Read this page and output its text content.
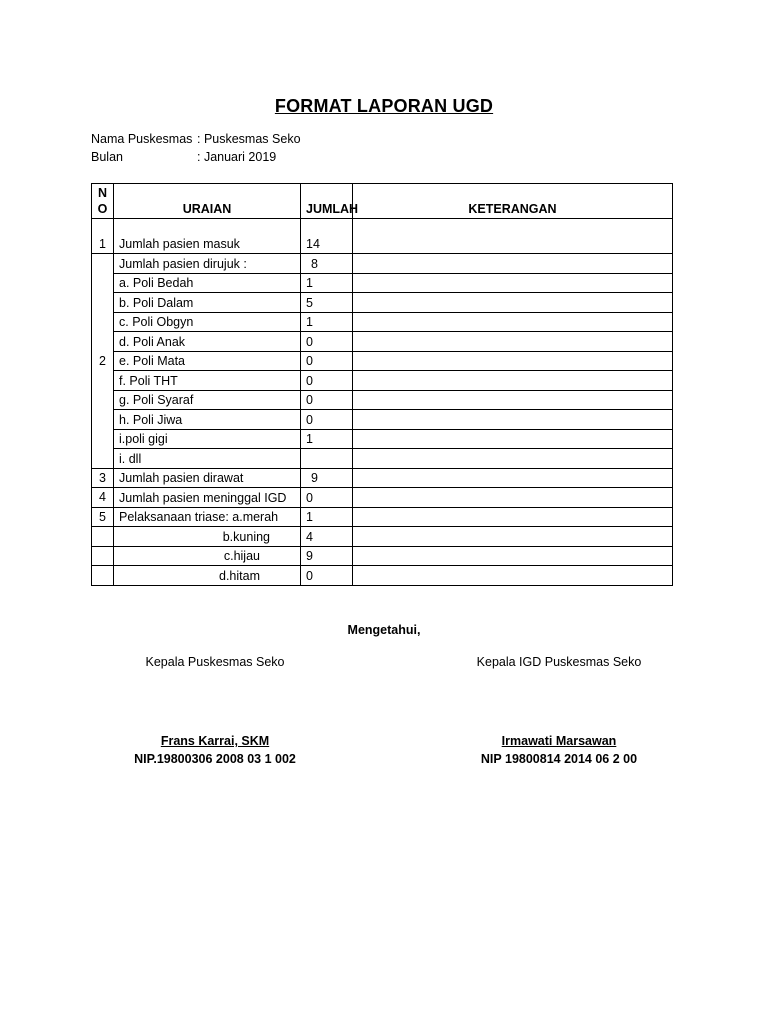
FORMAT LAPORAN UGD
Nama Puskesmas : Puskesmas Seko
Bulan	: Januari 2019
N
O	URAIAN	JUMLAH	KETERANGAN
1	Jumlah pasien masuk	14	
2	Jumlah pasien dirujuk :	8	
	a. Poli Bedah	1	
	b. Poli Dalam	5	
	c. Poli Obgyn	1	
	d. Poli Anak	0	
	e. Poli Mata	0	
	f. Poli THT	0	
	g. Poli Syaraf	0	
	h. Poli Jiwa	0	
	i.poli gigi	1	
	i. dll		
3	Jumlah pasien dirawat	9	
4	Jumlah pasien meninggal IGD	0	
5	Pelaksanaan triase: a.merah	1	
	b.kuning	4	
	c.hijau	9	
	d.hitam	0	
Mengetahui,
Kepala Puskesmas Seko
Frans Karrai, SKM
NIP.19800306 2008 03 1 002
Kepala IGD Puskesmas Seko
Irmawati Marsawan
NIP 19800814 2014 06 2 00
